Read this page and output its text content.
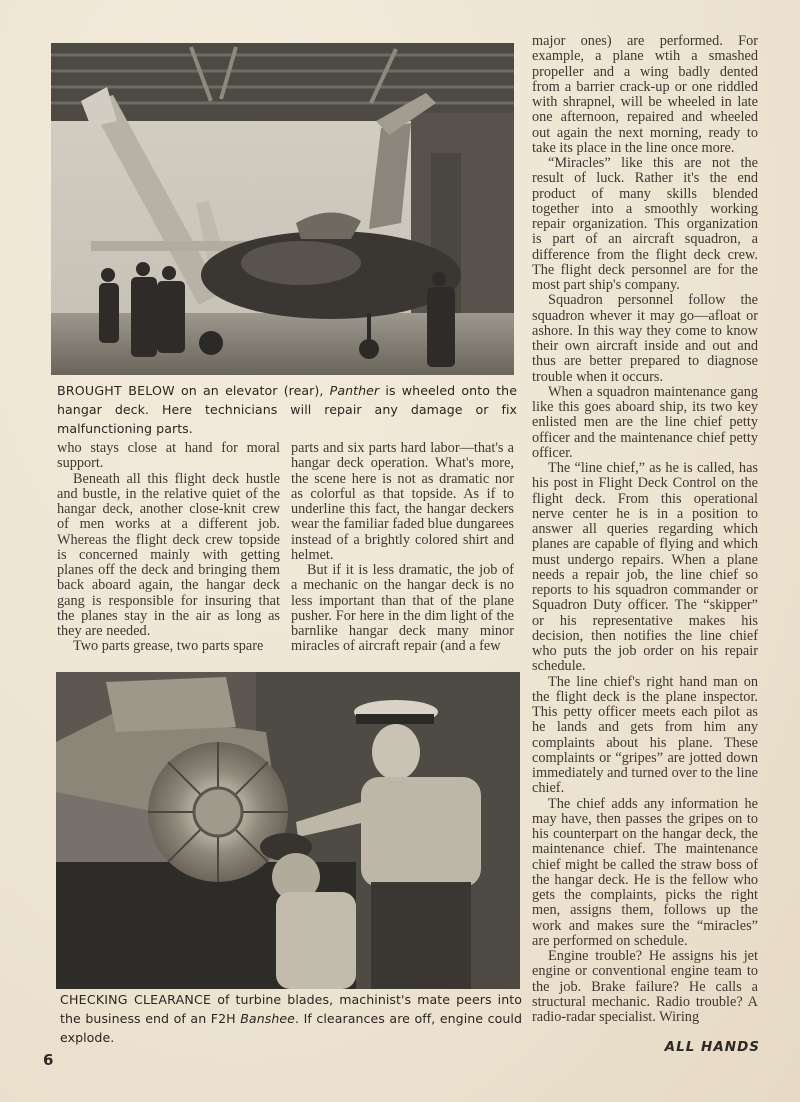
BROUGHT BELOW on an elevator (rear), Panther is wheeled onto the hangar deck. Here technicians will repair any damage or fix malfunctioning parts.

who stays close at hand for moral support.

Beneath all this flight deck hustle and bustle, in the relative quiet of the hangar deck, another close-knit crew of men works at a different job. Whereas the flight deck crew topside is concerned mainly with getting planes off the deck and bringing them back aboard again, the hangar deck gang is responsible for insuring that the planes stay in the air as long as they are needed.

Two parts grease, two parts spare

parts and six parts hard labor—that's a hangar deck operation. What's more, the scene here is not as dramatic nor as colorful as that topside. As if to underline this fact, the hangar deckers wear the familiar faded blue dungarees instead of a brightly colored shirt and helmet.

But if it is less dramatic, the job of a mechanic on the hangar deck is no less important than that of the plane pusher. For here in the dim light of the barnlike hangar deck many minor miracles of aircraft repair (and a few

major ones) are performed. For example, a plane wtih a smashed propeller and a wing badly dented from a barrier crack-up or one riddled with shrapnel, will be wheeled in late one afternoon, repaired and wheeled out again the next morning, ready to take its place in the line once more.

“Miracles” like this are not the result of luck. Rather it's the end product of many skills blended together into a smoothly working repair organization. This organization is part of an aircraft squadron, a difference from the flight deck crew. The flight deck personnel are for the most part ship's company.

Squadron personnel follow the squadron whever it may go—afloat or ashore. In this way they come to know their own aircraft inside and out and thus are better prepared to diagnose trouble when it occurs.

When a squadron maintenance gang like this goes aboard ship, its two key enlisted men are the line chief petty officer and the maintenance chief petty officer.

The “line chief,” as he is called, has his post in Flight Deck Control on the flight deck. From this operational nerve center he is in a position to answer all queries regarding which planes are capable of flying and which must undergo repairs. When a plane needs a repair job, the line chief so reports to his squadron commander or Squadron Duty officer. The “skipper” or his representative makes his decision, then notifies the line chief who puts the job order on his repair schedule.

The line chief's right hand man on the flight deck is the plane inspector. This petty officer meets each pilot as he lands and gets from him any complaints about his plane. These complaints or “gripes” are jotted down immediately and turned over to the line chief.

The chief adds any information he may have, then passes the gripes on to his counterpart on the hangar deck, the maintenance chief. The maintenance chief might be called the straw boss of the hangar deck. He is the fellow who gets the complaints, picks the right men, assigns them, follows up the work and makes sure the “miracles” are performed on schedule.

Engine trouble? He assigns his jet engine or conventional engine team to the job. Brake failure? He calls a structural mechanic. Radio trouble? A radio-radar specialist. Wiring

CHECKING CLEARANCE of turbine blades, machinist's mate peers into the business end of an F2H Banshee. If clearances are off, engine could explode.
6
ALL HANDS
